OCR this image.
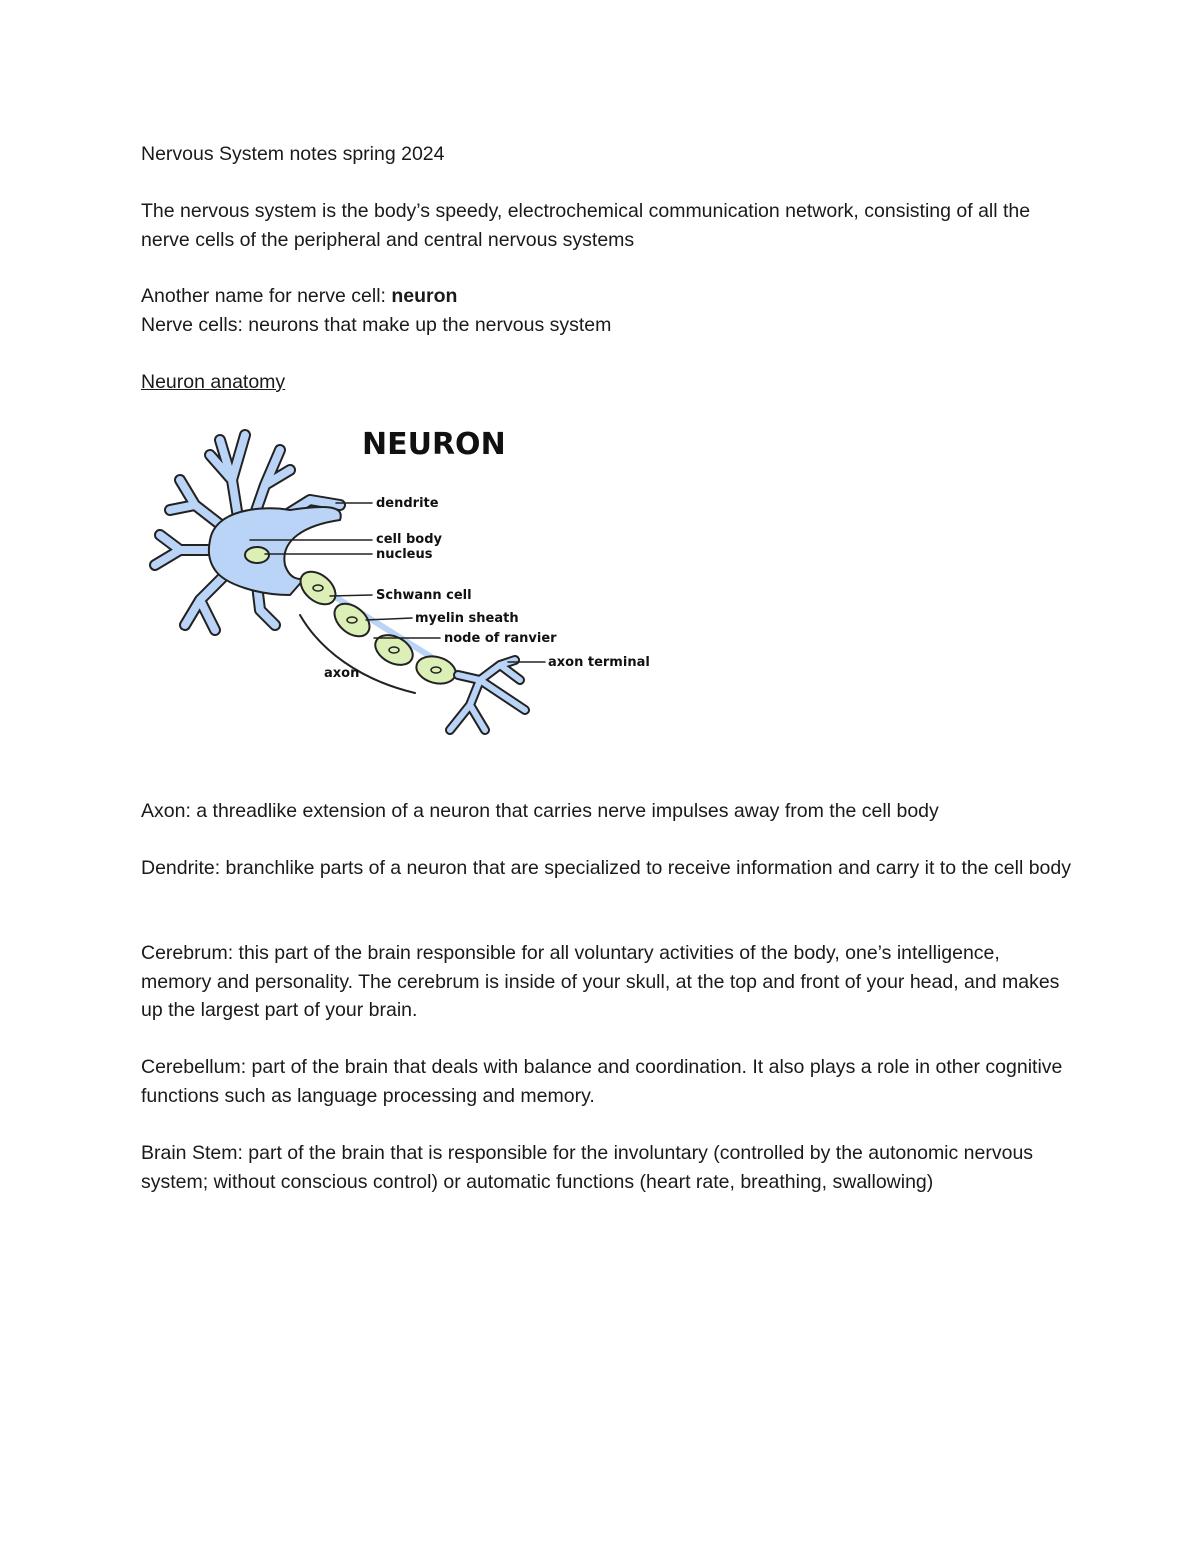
Nervous System notes spring 2024

The nervous system is the body’s speedy, electrochemical communication network, consisting of all the nerve cells of the peripheral and central nervous systems

Another name for nerve cell: neuron

Nerve cells: neurons that make up the nervous system

Neuron anatomy

NEURON
dendrite
cell body
nucleus
Schwann cell
myelin sheath
node of ranvier
axon terminal
axon

Axon: a threadlike extension of a neuron that carries nerve impulses away from the cell body

Dendrite: branchlike parts of a neuron that are specialized to receive information and carry it to the cell body

Cerebrum: this part of the brain responsible for all voluntary activities of the body, one’s intelligence, memory and personality. The cerebrum is inside of your skull, at the top and front of your head, and makes up the largest part of your brain.

Cerebellum: part of the brain that deals with balance and coordination. It also plays a role in other cognitive functions such as language processing and memory.

Brain Stem: part of the brain that is responsible for the involuntary (controlled by the autonomic nervous system; without conscious control) or automatic functions (heart rate, breathing, swallowing)
